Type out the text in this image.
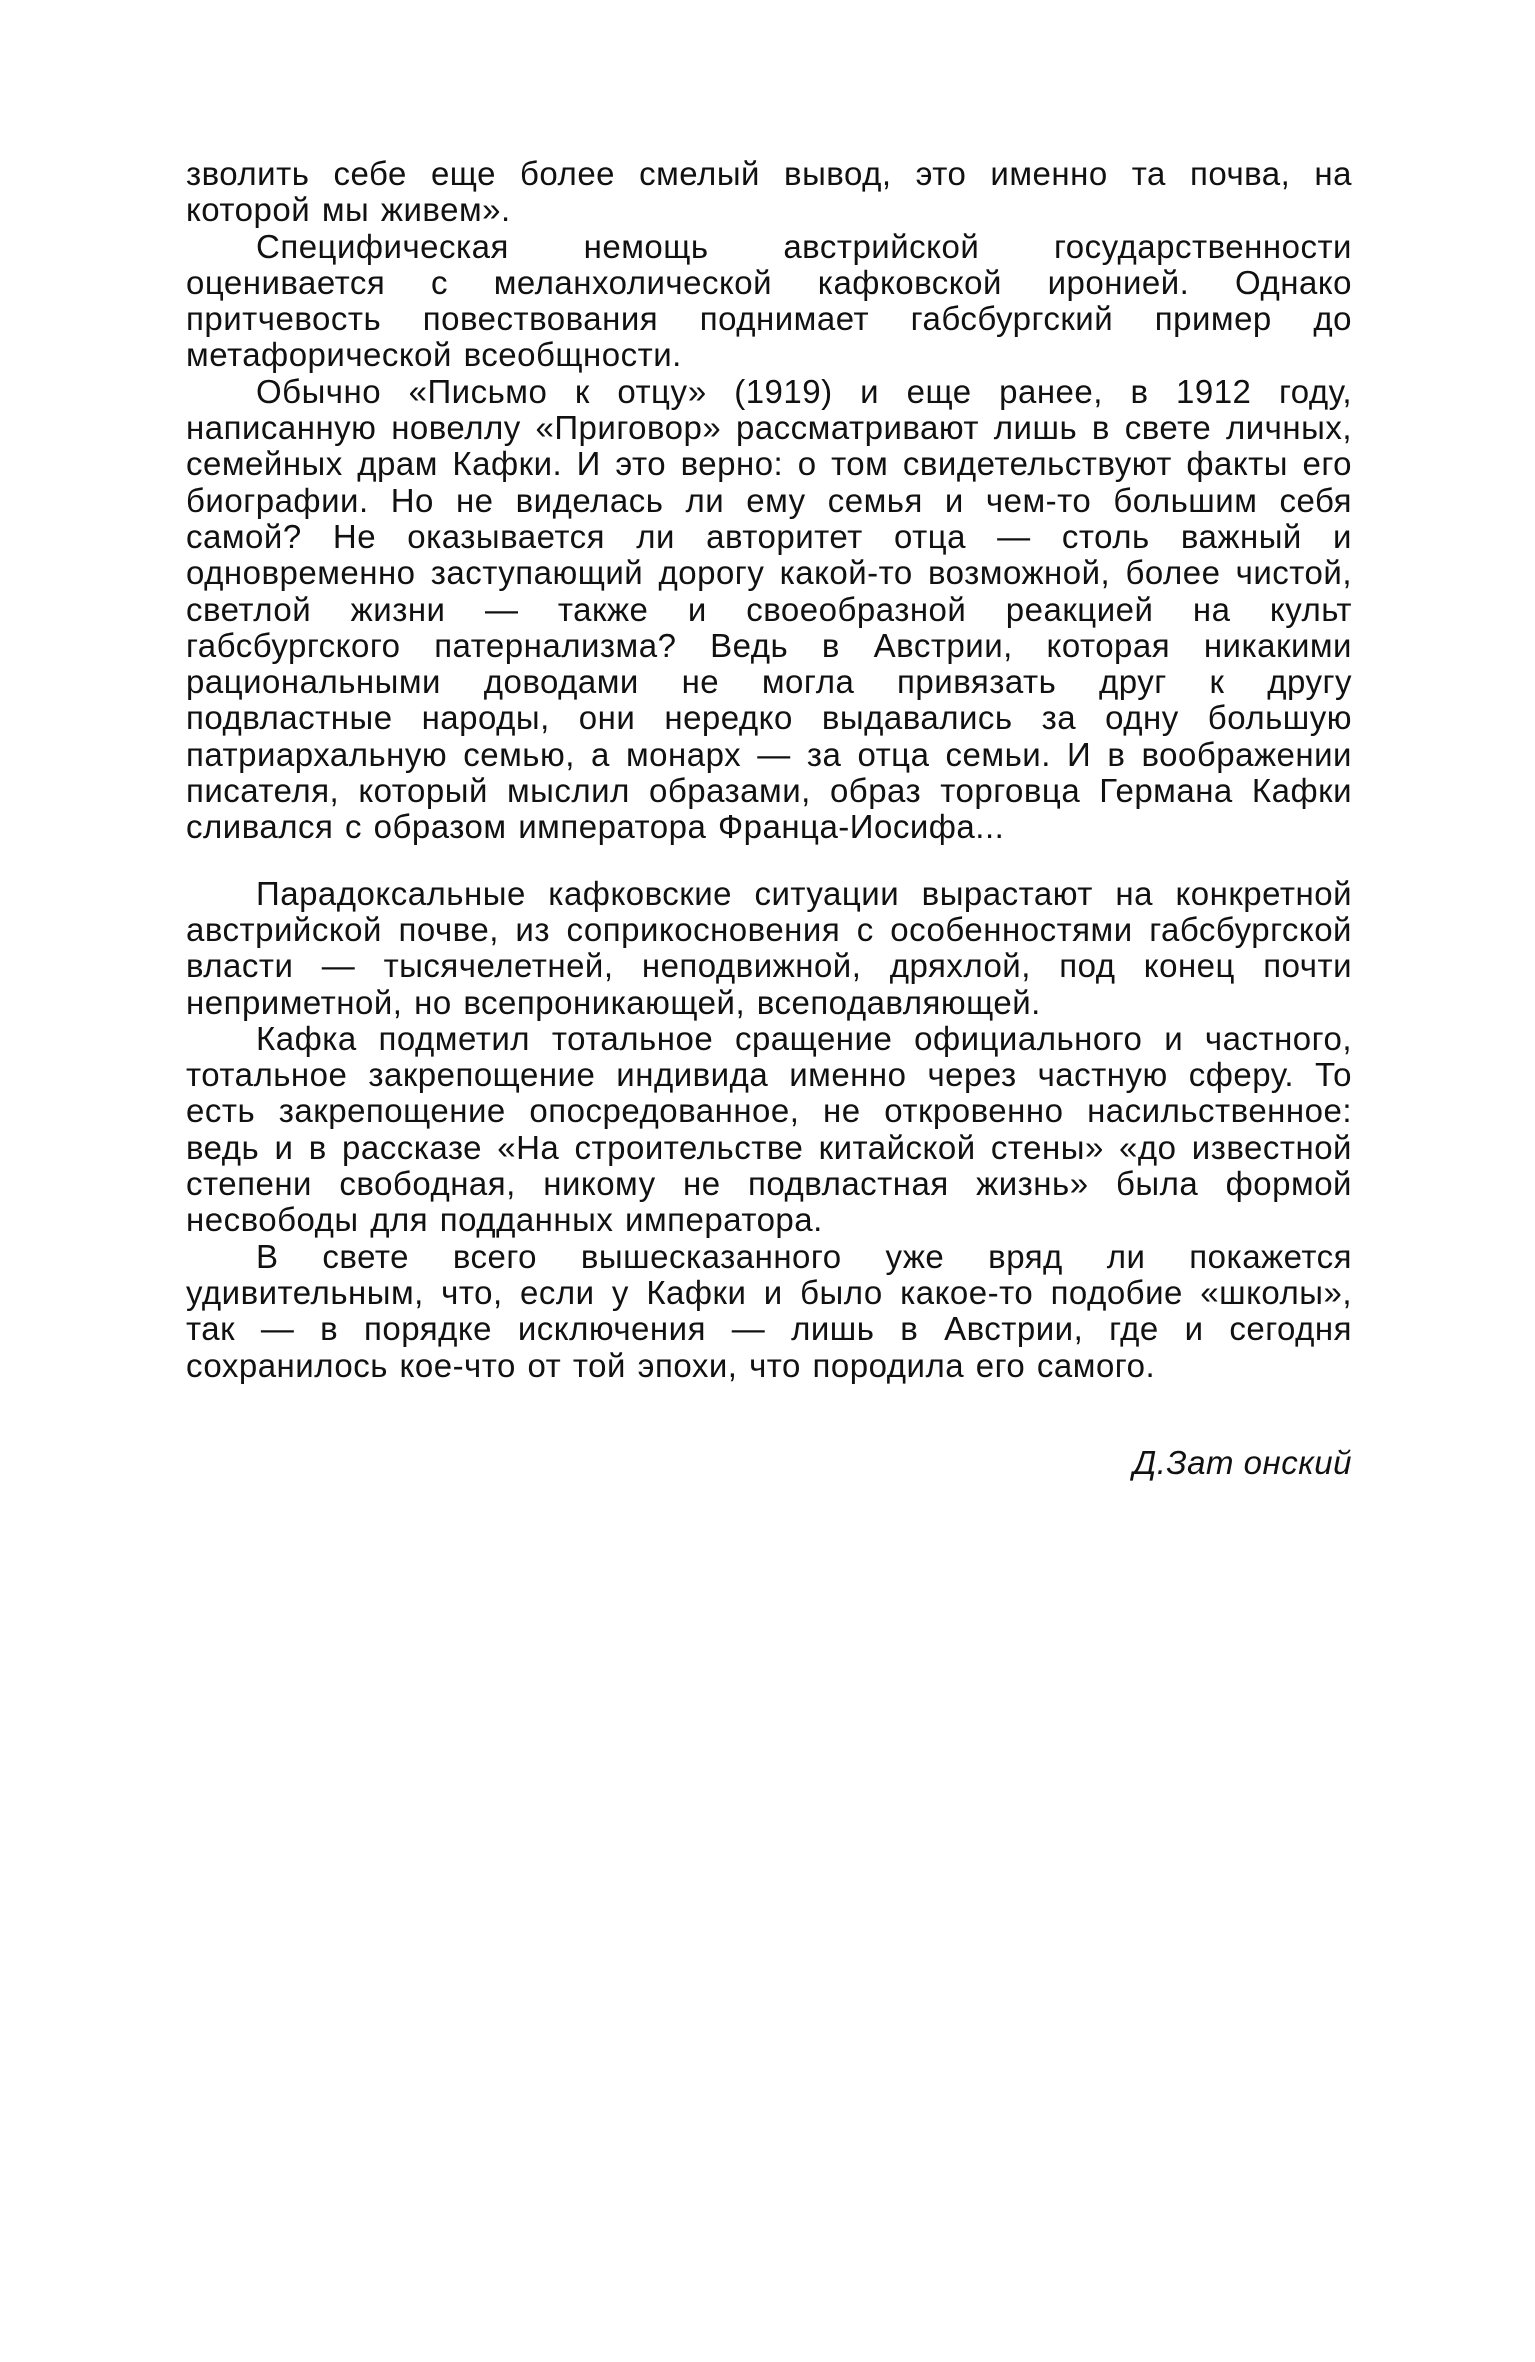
зволить себе еще более смелый вывод, это именно та почва, на которой мы живем».

Специфическая немощь австрийской государственности оценивается с меланхолической кафковской иронией. Однако притчевость повествования поднимает габсбургский пример до метафорической всеобщности.

Обычно «Письмо к отцу» (1919) и еще ранее, в 1912 году, написанную новеллу «Приговор» рассматривают лишь в свете личных, семейных драм Кафки. И это верно: о том свидетельствуют факты его биографии. Но не виделась ли ему семья и чем-то большим себя самой? Не оказывается ли авторитет отца — столь важный и одновременно заступающий дорогу какой-то возможной, более чистой, светлой жизни — также и своеобразной реакцией на культ габсбургского патернализма? Ведь в Австрии, которая никакими рациональными доводами не могла привязать друг к другу подвластные народы, они нередко выдавались за одну большую патриархальную семью, а монарх — за отца семьи. И в воображении писателя, который мыслил образами, образ торговца Германа Кафки сливался с образом императора Франца-Иосифа...

Парадоксальные кафковские ситуации вырастают на конкретной австрийской почве, из соприкосновения с особенностями габсбургской власти — тысячелетней, неподвижной, дряхлой, под конец почти неприметной, но всепроникающей, всеподавляющей.

Кафка подметил тотальное сращение официального и частного, тотальное закрепощение индивида именно через частную сферу. То есть закрепощение опосредованное, не откровенно насильственное: ведь и в рассказе «На строительстве китайской стены» «до известной степени свободная, никому не подвластная жизнь» была формой несвободы для подданных императора.

В свете всего вышесказанного уже вряд ли покажется удивительным, что, если у Кафки и было какое-то подобие «школы», так — в порядке исключения — лишь в Австрии, где и сегодня сохранилось кое-что от той эпохи, что породила его самого.

Д.Зат онский
